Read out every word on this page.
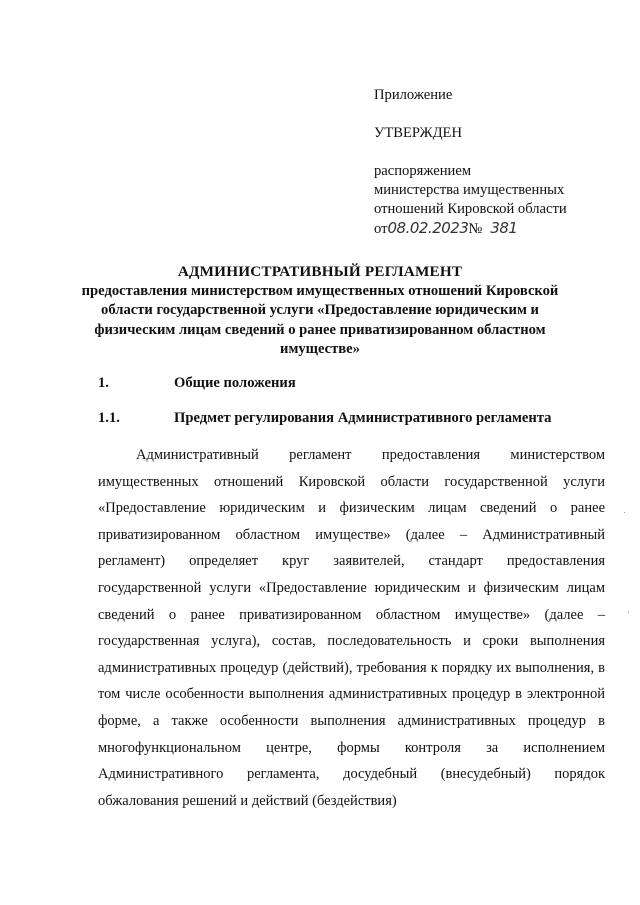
Приложение
УТВЕРЖДЕН
распоряжением
министерства имущественных
отношений Кировской области
от08.02.2023№ 381
АДМИНИСТРАТИВНЫЙ РЕГЛАМЕНТ
предоставления министерством имущественных отношений Кировской
области государственной услуги «Предоставление юридическим и
физическим лицам сведений о ранее приватизированном областном
имуществе»
1.	Общие положения
1.1.	Предмет регулирования Административного регламента

Административный регламент предоставления министерством имущественных отношений Кировской области государственной услуги «Предоставление юридическим и физическим лицам сведений о ранее приватизированном областном имуществе» (далее – Административный регламент) определяет круг заявителей, стандарт предоставления государственной услуги «Предоставление юридическим и физическим лицам сведений о ранее приватизированном областном имуществе» (далее – государственная услуга), состав, последовательность и сроки выполнения административных процедур (действий), требования к порядку их выполнения, в том числе особенности выполнения административных процедур в электронной форме, а также особенности выполнения административных процедур в многофункциональном центре, формы контроля за исполнением Административного регламента, досудебный (внесудебный) порядок обжалования решений и действий (бездействия)
